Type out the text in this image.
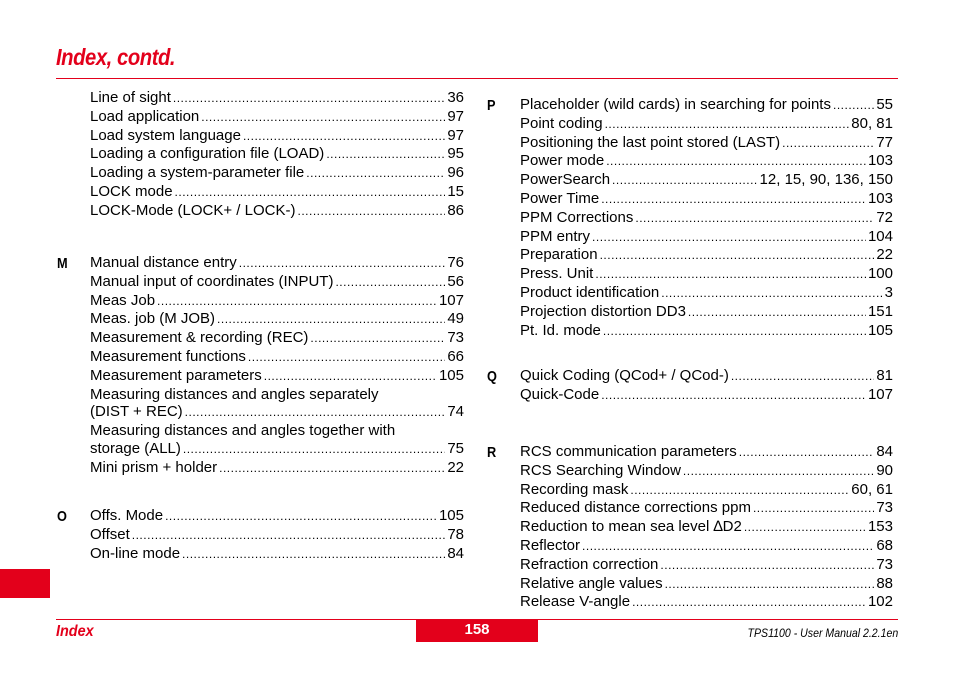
Index, contd.
Line of sight .....	36
Load application .....	97
Load system language .....	97
Loading a configuration file (LOAD) .....	95
Loading a system-parameter file .....	96
LOCK mode .....	15
LOCK-Mode (LOCK+ / LOCK-) .....	86
Manual distance entry .....	76
Manual input of coordinates (INPUT) .....	56
Meas Job .....	107
Meas. job (M JOB) .....	49
Measurement & recording (REC) .....	73
Measurement functions .....	66
Measurement parameters .....	105
Measuring distances and angles separately
(DIST + REC) .....	74
Measuring distances and angles together with
storage (ALL) .....	75
Mini prism + holder .....	22
Offs. Mode .....	105
Offset .....	78
On-line mode .....	84
Placeholder (wild cards) in searching for points .....	55
Point coding .....	80, 81
Positioning the last point stored (LAST) .....	77
Power mode .....	103
PowerSearch .....	12, 15, 90, 136, 150
Power Time .....	103
PPM Corrections .....	72
PPM entry .....	104
Preparation .....	22
Press. Unit .....	100
Product identification .....	3
Projection distortion DD3 .....	151
Pt. Id. mode .....	105
Quick Coding (QCod+ / QCod-) .....	81
Quick-Code .....	107
RCS communication parameters .....	84
RCS Searching Window .....	90
Recording mask .....	60, 61
Reduced distance corrections ppm .....	73
Reduction to mean sea level ∆D2 .....	153
Reflector .....	68
Refraction correction .....	73
Relative angle values .....	88
Release V-angle .....	102
Index	158	TPS1100 - User Manual 2.2.1en
M
O
P
Q
R
